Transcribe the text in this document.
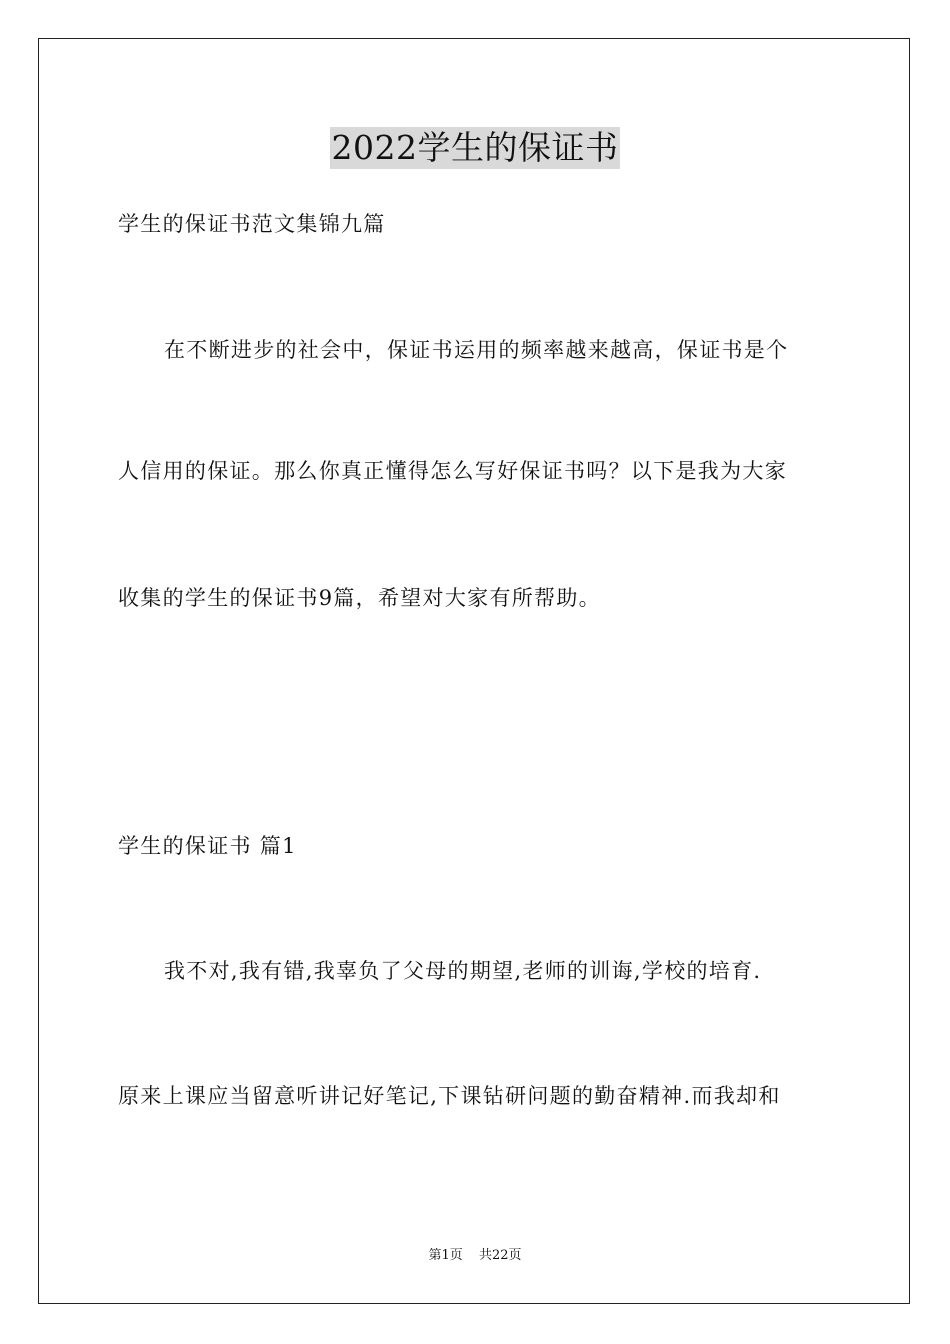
2022学生的保证书
学生的保证书范文集锦九篇
在不断进步的社会中，保证书运用的频率越来越高，保证书是个
人信用的保证。那么你真正懂得怎么写好保证书吗？以下是我为大家
收集的学生的保证书9篇，希望对大家有所帮助。
学生的保证书 篇1
我不对,我有错,我辜负了父母的期望,老师的训诲,学校的培育.
原来上课应当留意听讲记好笔记,下课钻研问题的勤奋精神.而我却和
第1页 共22页
